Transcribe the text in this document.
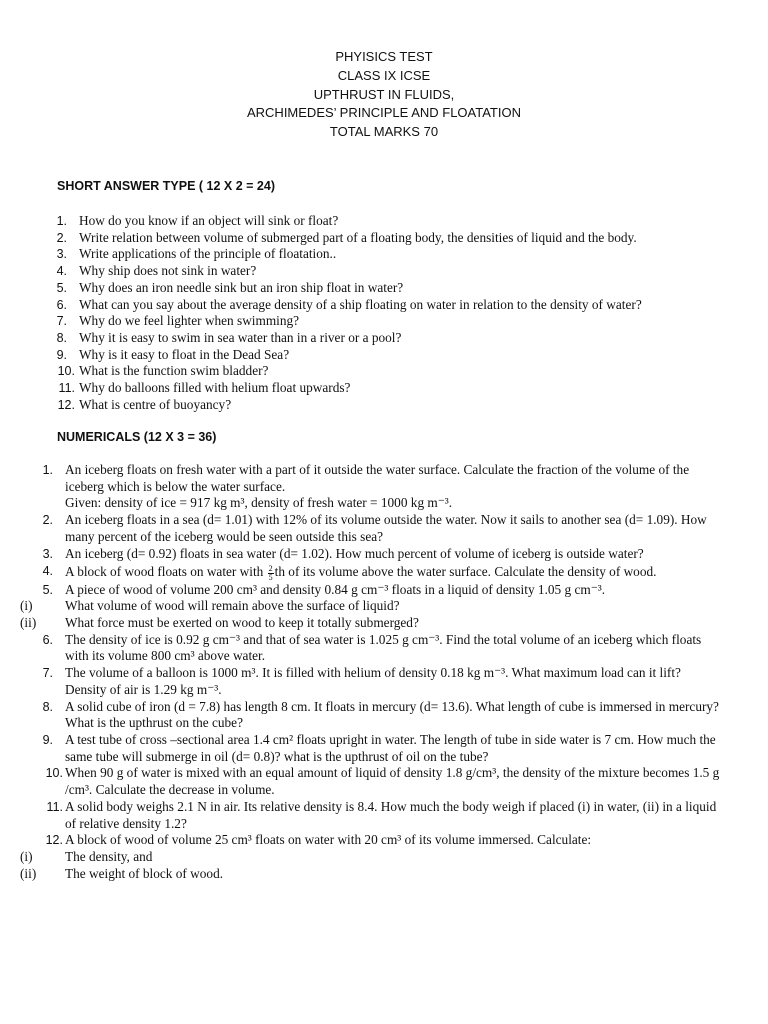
PHYISICS TEST
CLASS IX ICSE
UPTHRUST IN FLUIDS,
ARCHIMEDES’ PRINCIPLE AND FLOATATION
TOTAL MARKS 70
SHORT ANSWER TYPE ( 12 X 2 = 24)
1. How do you know if an object will sink or float?
2. Write relation between volume of submerged part of a floating body, the densities of liquid and the body.
3. Write applications of the principle of floatation..
4. Why ship does not sink in water?
5. Why does an iron needle sink but an iron ship float in water?
6. What can you say about the average density of a ship floating on water in relation to the density of water?
7. Why do we feel lighter when swimming?
8. Why it is easy to swim in sea water than in a river or a pool?
9. Why is it easy to float in the Dead Sea?
10. What is the function swim bladder?
11. Why do balloons filled with helium float upwards?
12. What is centre of buoyancy?
NUMERICALS (12 X 3 = 36)
1. An iceberg floats on fresh water with a part of it outside the water surface. Calculate the fraction of the volume of the iceberg which is below the water surface.
Given: density of ice = 917 kg m³, density of fresh water = 1000 kg m⁻³.
2. An iceberg floats in a sea (d= 1.01) with 12% of its volume outside the water. Now it sails to another sea (d= 1.09). How many percent of the iceberg would be seen outside this sea?
3. An iceberg (d= 0.92) floats in sea water (d= 1.02). How much percent of volume of iceberg is outside water?
4. A block of wood floats on water with $\frac{2}{5}$ th of its volume above the water surface. Calculate the density of wood.
5. A piece of wood of volume 200 cm³ and density 0.84 g cm⁻³ floats in a liquid of density 1.05 g cm⁻³.
(i)	What volume of wood will remain above the surface of liquid?
(ii)	What force must be exerted on wood to keep it totally submerged?
6. The density of ice is 0.92 g cm⁻³ and that of sea water is 1.025 g cm⁻³. Find the total volume of an iceberg which floats with its volume 800 cm³ above water.
7. The volume of a balloon is 1000 m³. It is filled with helium of density 0.18 kg m⁻³. What maximum load can it lift? Density of air is 1.29 kg m⁻³.
8. A solid cube of iron (d = 7.8) has length 8 cm. It floats in mercury (d= 13.6). What length of cube is immersed in mercury? What is the upthrust on the cube?
9. A test tube of cross –sectional area 1.4 cm² floats upright in water. The length of tube in side water is 7 cm. How much the same tube will submerge in oil (d= 0.8)? what is the upthrust of oil on the tube?
10. When 90 g of water is mixed with an equal amount of liquid of density 1.8 g/cm³, the density of the mixture becomes 1.5 g /cm³. Calculate the decrease in volume.
11. A solid body weighs 2.1 N in air. Its relative density is 8.4. How much the body weigh if placed (i) in water, (ii) in a liquid of relative density 1.2?
12. A block of wood of volume 25 cm³ floats on water with 20 cm³ of its volume immersed. Calculate:
(i)	The density, and
(ii)	The weight of block of wood.
